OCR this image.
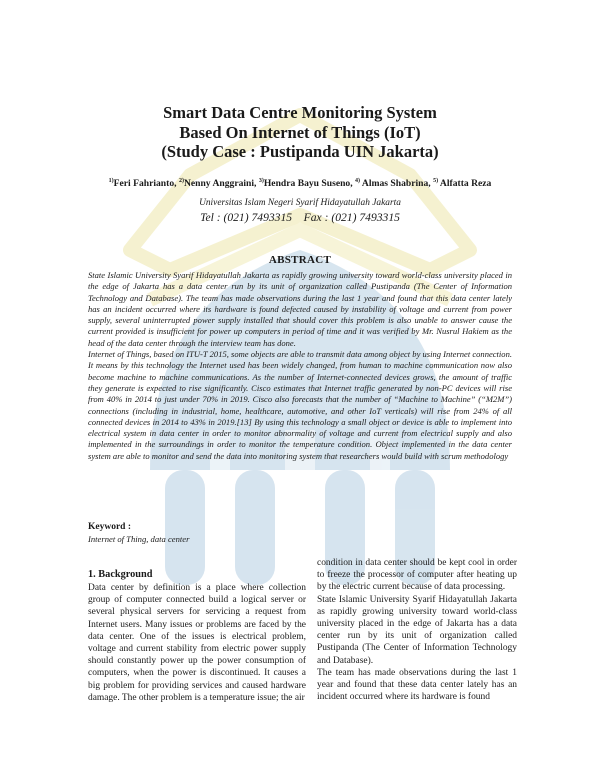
Smart Data Centre Monitoring System
Based On Internet of Things (IoT)
(Study Case : Pustipanda UIN Jakarta)
$^{1)}$Feri Fahrianto, $^{2)}$Nenny Anggraini, $^{3)}$Hendra Bayu Suseno, $^{4)}$ Almas Shabrina, $^{5)}$ Alfatta Reza
Universitas Islam Negeri Syarif Hidayatullah Jakarta
Tel : (021) 7493315    Fax : (021) 7493315
ABSTRACT

State Islamic University Syarif Hidayatullah Jakarta as rapidly growing university toward world-class university placed in the edge of Jakarta has a data center run by its unit of organization called Pustipanda (The Center of Information Technology and Database). The team has made observations during the last 1 year and found that this data center lately has an incident occurred where its hardware is found defected caused by instability of voltage and current from power supply, several uninterrupted power supply installed that should cover this problem is also unable to answer cause the current provided is insufficient for power up computers in period of time and it was verified by Mr. Nusrul Hakiem as the head of the data center through the interview team has done.

Internet of Things, based on ITU-T 2015, some objects are able to transmit data among object by using Internet connection. It means by this technology the Internet used has been widely changed, from human to machine communication now also become machine to machine communications. As the number of Internet-connected devices grows, the amount of traffic they generate is expected to rise significantly. Cisco estimates that Internet traffic generated by non-PC devices will rise from 40% in 2014 to just under 70% in 2019. Cisco also forecasts that the number of “Machine to Machine” (“M2M”) connections (including in industrial, home, healthcare, automotive, and other IoT verticals) will rise from 24% of all connected devices in 2014 to 43% in 2019.[13] By using this technology a small object or device is able to implement into electrical system in data center in order to monitor abnormality of voltage and current from electrical supply and also implemented in the surroundings in order to monitor the temperature condition. Object implemented in the data center system are able to monitor and send the data into monitoring system that researchers would build with scrum methodology

Keyword :
Internet of Thing, data center
1. Background

Data center by definition is a place where collection group of computer connected build a logical server or several physical servers for servicing a request from Internet users. Many issues or problems are faced by the data center. One of the issues is electrical problem, voltage and current stability from electric power supply should constantly power up the power consumption of computers, when the power is discontinued. It causes a big problem for providing services and caused hardware damage. The other problem is a temperature issue; the air

condition in data center should be kept cool in order to freeze the processor of computer after heating up by the electric current because of data processing.

State Islamic University Syarif Hidayatullah Jakarta as rapidly growing university toward world-class university placed in the edge of Jakarta has a data center run by its unit of organization called Pustipanda (The Center of Information Technology and Database).

The team has made observations during the last 1 year and found that these data center lately has an incident occurred where its hardware is found
